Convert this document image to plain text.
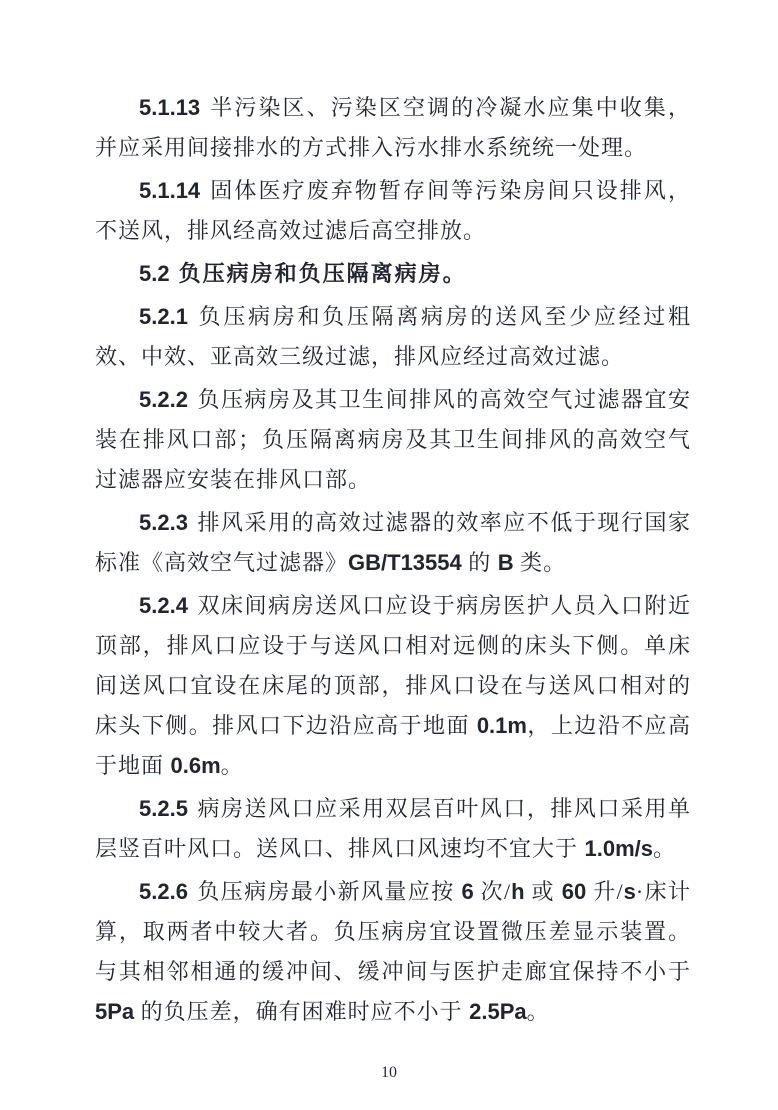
5.1.13 半污染区、污染区空调的冷凝水应集中收集，并应采用间接排水的方式排入污水排水系统统一处理。

5.1.14 固体医疗废弃物暂存间等污染房间只设排风，不送风，排风经高效过滤后高空排放。

5.2 负压病房和负压隔离病房。

5.2.1 负压病房和负压隔离病房的送风至少应经过粗效、中效、亚高效三级过滤，排风应经过高效过滤。

5.2.2 负压病房及其卫生间排风的高效空气过滤器宜安装在排风口部；负压隔离病房及其卫生间排风的高效空气过滤器应安装在排风口部。

5.2.3 排风采用的高效过滤器的效率应不低于现行国家标准《高效空气过滤器》GB/T13554 的 B 类。

5.2.4 双床间病房送风口应设于病房医护人员入口附近顶部，排风口应设于与送风口相对远侧的床头下侧。单床间送风口宜设在床尾的顶部，排风口设在与送风口相对的床头下侧。排风口下边沿应高于地面 0.1m，上边沿不应高于地面 0.6m。

5.2.5 病房送风口应采用双层百叶风口，排风口采用单层竖百叶风口。送风口、排风口风速均不宜大于 1.0m/s。

5.2.6 负压病房最小新风量应按 6 次/h 或 60 升/s·床计算，取两者中较大者。负压病房宜设置微压差显示装置。与其相邻相通的缓冲间、缓冲间与医护走廊宜保持不小于 5Pa 的负压差，确有困难时应不小于 2.5Pa。

10
